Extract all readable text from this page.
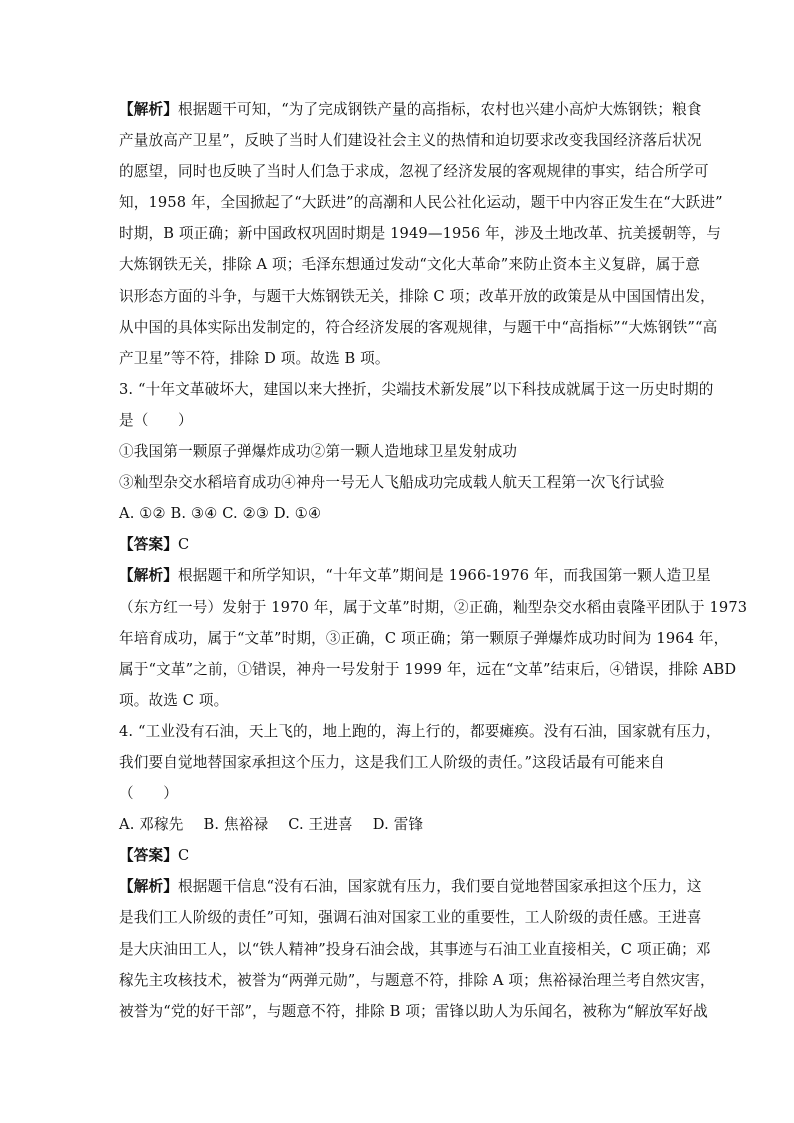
【解析】根据题干可知，“为了完成钢铁产量的高指标，农村也兴建小高炉大炼钢铁；粮食
产量放高产卫星”，反映了当时人们建设社会主义的热情和迫切要求改变我国经济落后状况
的愿望，同时也反映了当时人们急于求成，忽视了经济发展的客观规律的事实，结合所学可
知，1958 年，全国掀起了“大跃进”的高潮和人民公社化运动，题干中内容正发生在“大跃进”
时期，B 项正确；新中国政权巩固时期是 1949—1956 年，涉及土地改革、抗美援朝等，与
大炼钢铁无关，排除 A 项；毛泽东想通过发动“文化大革命”来防止资本主义复辟，属于意
识形态方面的斗争，与题干大炼钢铁无关，排除 C 项；改革开放的政策是从中国国情出发，
从中国的具体实际出发制定的，符合经济发展的客观规律，与题干中“高指标”“大炼钢铁”“高
产卫星”等不符，排除 D 项。故选 B 项。
3. “十年文革破坏大，建国以来大挫折，尖端技术新发展”以下科技成就属于这一历史时期的
是（　　）
①我国第一颗原子弹爆炸成功②第一颗人造地球卫星发射成功
③籼型杂交水稻培育成功④神舟一号无人飞船成功完成载人航天工程第一次飞行试验
A. ①② B. ③④ C. ②③ D. ①④
【答案】C
【解析】根据题干和所学知识，“十年文革”期间是 1966-1976 年，而我国第一颗人造卫星
（东方红一号）发射于 1970 年，属于文革”时期，②正确，籼型杂交水稻由袁隆平团队于 1973
年培育成功，属于“文革”时期，③正确，C 项正确；第一颗原子弹爆炸成功时间为 1964 年，
属于“文革”之前，①错误，神舟一号发射于 1999 年，远在“文革”结束后，④错误，排除 ABD
项。故选 C 项。
4. “工业没有石油，天上飞的，地上跑的，海上行的，都要瘫痪。没有石油，国家就有压力，
我们要自觉地替国家承担这个压力，这是我们工人阶级的责任。”这段话最有可能来自
（　　）
A. 邓稼先 B. 焦裕禄 C. 王进喜 D. 雷锋
【答案】C
【解析】根据题干信息“没有石油，国家就有压力，我们要自觉地替国家承担这个压力，这
是我们工人阶级的责任”可知，强调石油对国家工业的重要性，工人阶级的责任感。王进喜
是大庆油田工人，以“铁人精神”投身石油会战，其事迹与石油工业直接相关，C 项正确；邓
稼先主攻核技术，被誉为“两弹元勋”，与题意不符，排除 A 项；焦裕禄治理兰考自然灾害，
被誉为“党的好干部”，与题意不符，排除 B 项；雷锋以助人为乐闻名，被称为“解放军好战
